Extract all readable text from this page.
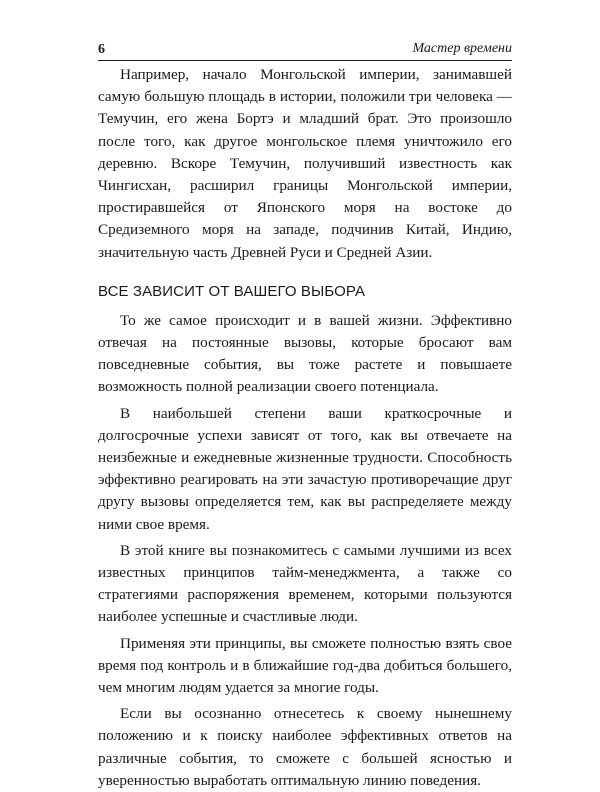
6	Мастер времени

Например, начало Монгольской империи, занимавшей самую большую площадь в истории, положили три человека — Темучин, его жена Бортэ и младший брат. Это произошло после того, как другое монгольское племя уничтожило его деревню. Вскоре Темучин, получивший известность как Чингисхан, расширил границы Монгольской империи, простиравшейся от Японского моря на востоке до Средиземного моря на западе, подчинив Китай, Индию, значительную часть Древней Руси и Средней Азии.

ВСЕ ЗАВИСИТ ОТ ВАШЕГО ВЫБОРА

То же самое происходит и в вашей жизни. Эффективно отвечая на постоянные вызовы, которые бросают вам повседневные события, вы тоже растете и повышаете возможность полной реализации своего потенциала.

В наибольшей степени ваши краткосрочные и долгосрочные успехи зависят от того, как вы отвечаете на неизбежные и ежедневные жизненные трудности. Способность эффективно реагировать на эти зачастую противоречащие друг другу вызовы определяется тем, как вы распределяете между ними свое время.

В этой книге вы познакомитесь с самыми лучшими из всех известных принципов тайм-менеджмента, а также со стратегиями распоряжения временем, которыми пользуются наиболее успешные и счастливые люди.

Применяя эти принципы, вы сможете полностью взять свое время под контроль и в ближайшие год-два добиться большего, чем многим людям удается за многие годы.

Если вы осознанно отнесетесь к своему нынешнему положению и к поиску наиболее эффективных ответов на различные события, то сможете с большей ясностью и уверенностью выработать оптимальную линию поведения.
